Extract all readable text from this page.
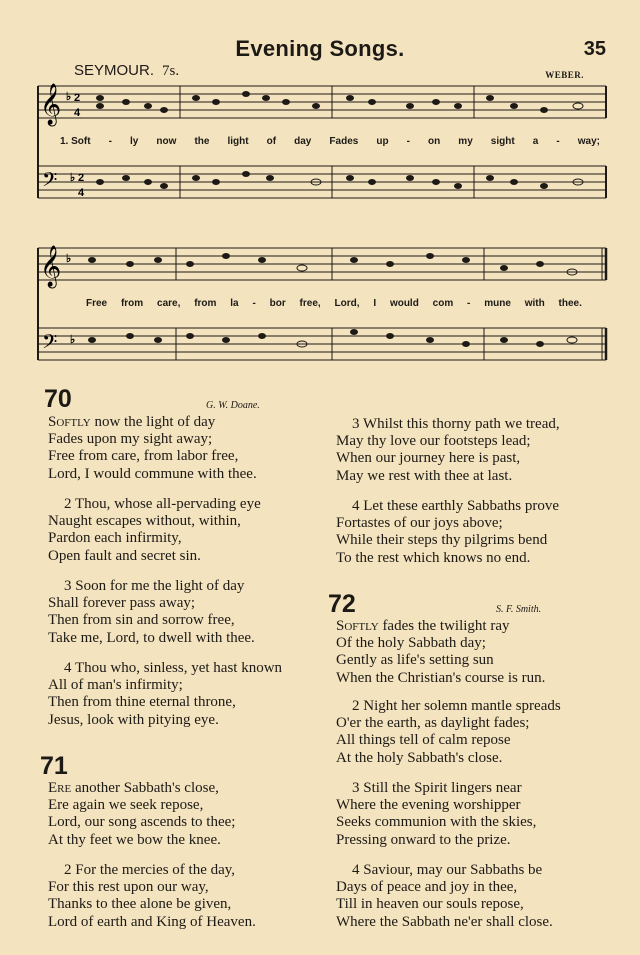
Evening Songs.	35
SEYMOUR. 7s.	WEBER.
𝄞
𝄢
♭
♭
2
4
2
4
1. Soft - ly now the light of day Fades up - on my sight a - way;
𝄞
𝄢
♭
♭
Free from care, from la - bor free, Lord, I would com - mune with thee.
70	G. W. Doane.
Softly now the light of day
Fades upon my sight away;
Free from care, from labor free,
Lord, I would commune with thee.
2 Thou, whose all-pervading eye
Naught escapes without, within,
Pardon each infirmity,
Open fault and secret sin.
3 Soon for me the light of day
Shall forever pass away;
Then from sin and sorrow free,
Take me, Lord, to dwell with thee.
4 Thou who, sinless, yet hast known
All of man's infirmity;
Then from thine eternal throne,
Jesus, look with pitying eye.
3 Whilst this thorny path we tread,
May thy love our footsteps lead;
When our journey here is past,
May we rest with thee at last.
4 Let these earthly Sabbaths prove
Fortastes of our joys above;
While their steps thy pilgrims bend
To the rest which knows no end.
71
Ere another Sabbath's close,
Ere again we seek repose,
Lord, our song ascends to thee;
At thy feet we bow the knee.
2 For the mercies of the day,
For this rest upon our way,
Thanks to thee alone be given,
Lord of earth and King of Heaven.
72	S. F. Smith.
Softly fades the twilight ray
Of the holy Sabbath day;
Gently as life's setting sun
When the Christian's course is run.
2 Night her solemn mantle spreads
O'er the earth, as daylight fades;
All things tell of calm repose
At the holy Sabbath's close.
3 Still the Spirit lingers near
Where the evening worshipper
Seeks communion with the skies,
Pressing onward to the prize.
4 Saviour, may our Sabbaths be
Days of peace and joy in thee,
Till in heaven our souls repose,
Where the Sabbath ne'er shall close.
